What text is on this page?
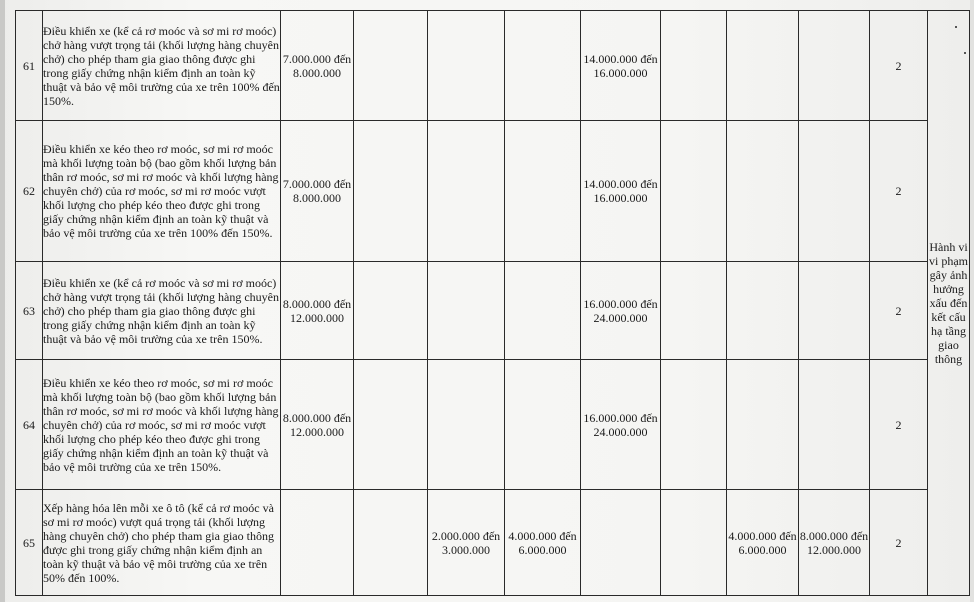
61	Điều khiển xe (kể cả rơ moóc và sơ mi rơ moóc) chở hàng vượt trọng tải (khối lượng hàng chuyên chở) cho phép tham gia giao thông được ghi trong giấy chứng nhận kiểm định an toàn kỹ thuật và bảo vệ môi trường của xe trên 100% đến 150%.	7.000.000 đến 8.000.000				14.000.000 đến 16.000.000				2	Hành vi vi phạm gây ảnh hưởng xấu đến kết cấu hạ tầng giao thông
62	Điều khiển xe kéo theo rơ moóc, sơ mi rơ moóc mà khối lượng toàn bộ (bao gồm khối lượng bản thân rơ moóc, sơ mi rơ moóc và khối lượng hàng chuyên chở) của rơ moóc, sơ mi rơ moóc vượt khối lượng cho phép kéo theo được ghi trong giấy chứng nhận kiểm định an toàn kỹ thuật và bảo vệ môi trường của xe trên 100% đến 150%.	7.000.000 đến 8.000.000				14.000.000 đến 16.000.000				2	
63	Điều khiển xe (kể cả rơ moóc và sơ mi rơ moóc) chở hàng vượt trọng tải (khối lượng hàng chuyên chở) cho phép tham gia giao thông được ghi trong giấy chứng nhận kiểm định an toàn kỹ thuật và bảo vệ môi trường của xe trên 150%.	8.000.000 đến 12.000.000				16.000.000 đến 24.000.000				2	
64	Điều khiển xe kéo theo rơ moóc, sơ mi rơ moóc mà khối lượng toàn bộ (bao gồm khối lượng bản thân rơ moóc, sơ mi rơ moóc và khối lượng hàng chuyên chở) của rơ moóc, sơ mi rơ moóc vượt khối lượng cho phép kéo theo được ghi trong giấy chứng nhận kiểm định an toàn kỹ thuật và bảo vệ môi trường của xe trên 150%.	8.000.000 đến 12.000.000				16.000.000 đến 24.000.000				2	
65	Xếp hàng hóa lên mỗi xe ô tô (kể cả rơ moóc và sơ mi rơ moóc) vượt quá trọng tải (khối lượng hàng chuyên chở) cho phép tham gia giao thông được ghi trong giấy chứng nhận kiểm định an toàn kỹ thuật và bảo vệ môi trường của xe trên 50% đến 100%.			2.000.000 đến 3.000.000	4.000.000 đến 6.000.000			4.000.000 đến 6.000.000	8.000.000 đến 12.000.000	2	
